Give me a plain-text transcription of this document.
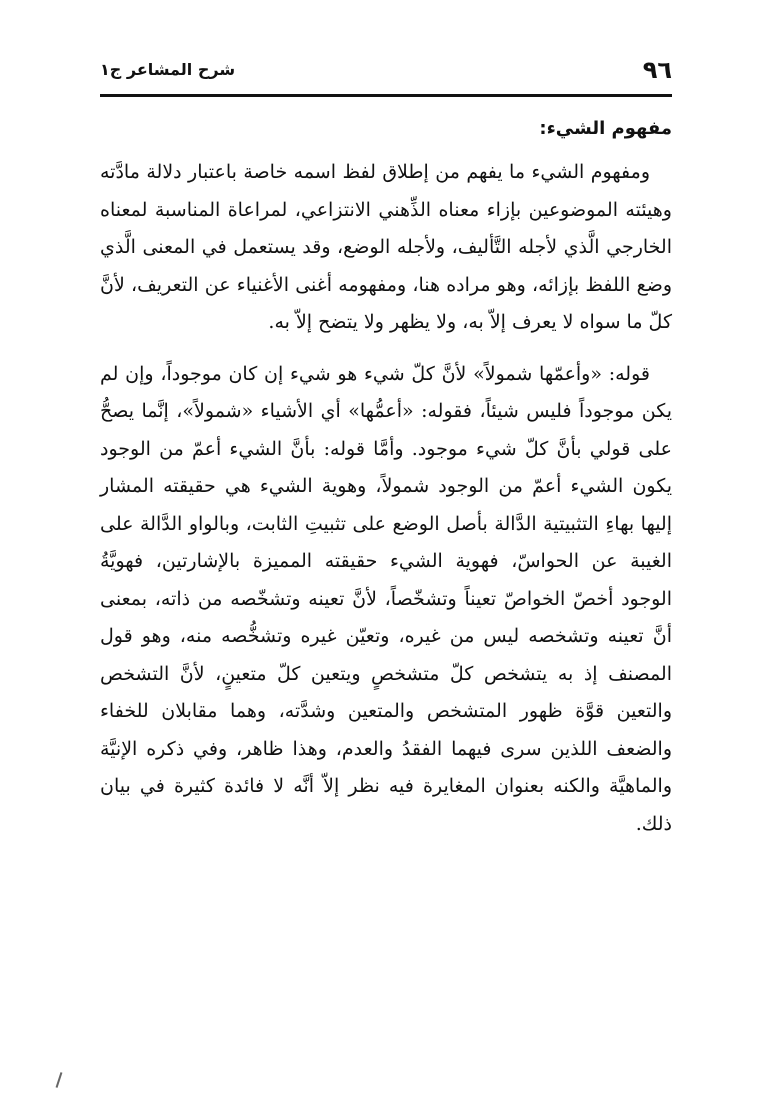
٩٦
شرح المشاعر ج١
مفهوم الشيء:

ومفهوم الشيء ما يفهم من إطلاق لفظ اسمه خاصة باعتبار دلالة مادَّته وهيئته الموضوعين بإزاء معناه الذِّهني الانتزاعي، لمراعاة المناسبة لمعناه الخارجي الَّذي لأجله التَّأليف، ولأجله الوضع، وقد يستعمل في المعنى الَّذي وضع اللفظ بإزائه، وهو مراده هنا، ومفهومه أغنى الأغنياء عن التعريف، لأنَّ كلّ ما سواه لا يعرف إلاّ به، ولا يظهر ولا يتضح إلاّ به.

قوله: «وأعمّها شمولاً» لأنَّ كلّ شيء هو شيء إن كان موجوداً، وإن لم يكن موجوداً فليس شيئاً، فقوله: «أعمُّها» أي الأشياء «شمولاً»، إنَّما يصحُّ على قولي بأنَّ كلّ شيء موجود. وأمَّا قوله: بأنَّ الشيء أعمّ من الوجود يكون الشيء أعمّ من الوجود شمولاً، وهوية الشيء هي حقيقته المشار إليها بهاءِ التثبيتية الدَّالة بأصل الوضع على تثبيتِ الثابت، وبالواو الدَّالة على الغيبة عن الحواسّ، فهوية الشيء حقيقته المميزة بالإشارتين، فهويَّةُ الوجود أخصّ الخواصّ تعيناً وتشخّصاً، لأنَّ تعينه وتشخّصه من ذاته، بمعنى أنَّ تعينه وتشخصه ليس من غيره، وتعيّن غيره وتشخُّصه منه، وهو قول المصنف إذ به يتشخص كلّ متشخصٍ ويتعين كلّ متعينٍ، لأنَّ التشخص والتعين قوَّة ظهور المتشخص والمتعين وشدَّته، وهما مقابلان للخفاء والضعف اللذين سرى فيهما الفقدُ والعدم، وهذا ظاهر، وفي ذكره الإنيَّة والماهيَّة والكنه بعنوان المغايرة فيه نظر إلاّ أنَّه لا فائدة كثيرة في بيان ذلك.
